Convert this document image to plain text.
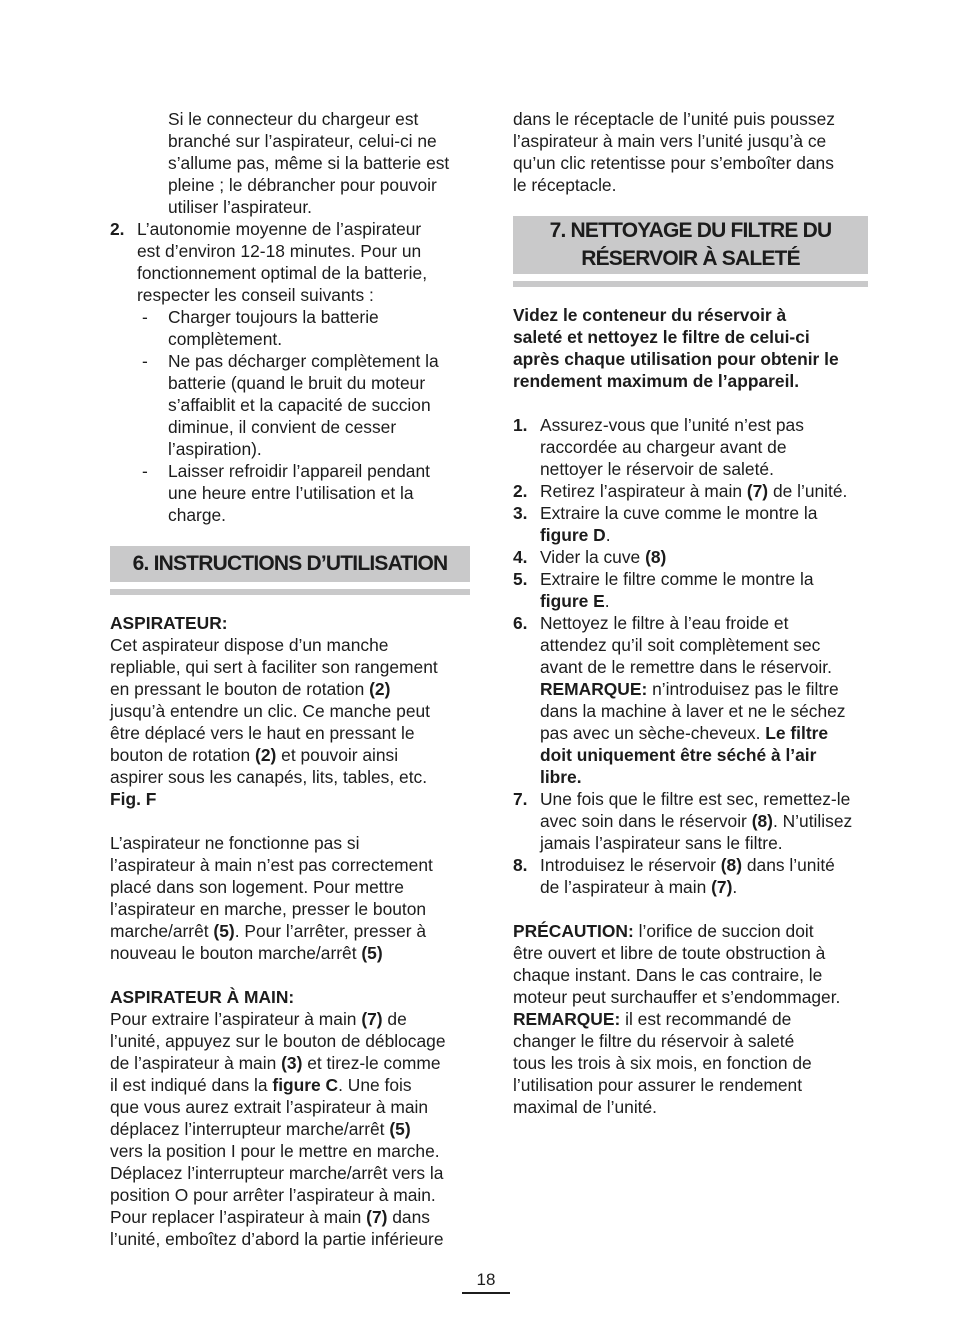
Si le connecteur du chargeur est
branché sur l’aspirateur, celui-ci ne
s’allume pas, même si la batterie est
pleine ; le débrancher pour pouvoir
utiliser l’aspirateur.
2. L’autonomie moyenne de l’aspirateur
est d’environ 12-18 minutes. Pour un
fonctionnement optimal de la batterie,
respecter les conseil suivants :
- Charger toujours la batterie
complètement.
- Ne pas décharger complètement la
batterie (quand le bruit du moteur
s’affaiblit et la capacité de succion
diminue, il convient de cesser
l’aspiration).
- Laisser refroidir l’appareil pendant
une heure entre l’utilisation et la
charge.
6. INSTRUCTIONS D’UTILISATION
ASPIRATEUR:
Cet aspirateur dispose d’un manche
repliable, qui sert à faciliter son rangement
en pressant le bouton de rotation (2)
jusqu’à entendre un clic. Ce manche peut
être déplacé vers le haut en pressant le
bouton de rotation (2) et pouvoir ainsi
aspirer sous les canapés, lits, tables, etc.
Fig. F
L’aspirateur ne fonctionne pas si
l’aspirateur à main n’est pas correctement
placé dans son logement. Pour mettre
l’aspirateur en marche, presser le bouton
marche/arrêt (5). Pour l’arrêter, presser à
nouveau le bouton marche/arrêt (5)
ASPIRATEUR À MAIN:
Pour extraire l’aspirateur à main (7) de
l’unité, appuyez sur le bouton de déblocage
de l’aspirateur à main (3) et tirez-le comme
il est indiqué dans la figure C. Une fois
que vous aurez extrait l’aspirateur à main
déplacez l’interrupteur marche/arrêt (5)
vers la position I pour le mettre en marche.
Déplacez l’interrupteur marche/arrêt vers la
position O pour arrêter l’aspirateur à main.
Pour replacer l’aspirateur à main (7) dans
l’unité, emboîtez d’abord la partie inférieure
dans le réceptacle de l’unité puis poussez
l’aspirateur à main vers l’unité jusqu’à ce
qu’un clic retentisse pour s’emboîter dans
le réceptacle.
7. NETTOYAGE DU FILTRE DU
RÉSERVOIR À SALETÉ
Videz le conteneur du réservoir à
saleté et nettoyez le filtre de celui-ci
après chaque utilisation pour obtenir le
rendement maximum de l’appareil.
1. Assurez-vous que l’unité n’est pas
raccordée au chargeur avant de
nettoyer le réservoir de saleté.
2. Retirez l’aspirateur à main (7) de l’unité.
3. Extraire la cuve comme le montre la
figure D.
4. Vider la cuve (8)
5. Extraire le filtre comme le montre la
figure E.
6. Nettoyez le filtre à l’eau froide et
attendez qu’il soit complètement sec
avant de le remettre dans le réservoir.
REMARQUE: n’introduisez pas le filtre
dans la machine à laver et ne le séchez
pas avec un sèche-cheveux. Le filtre
doit uniquement être séché à l’air
libre.
7. Une fois que le filtre est sec, remettez-le
avec soin dans le réservoir (8). N’utilisez
jamais l’aspirateur sans le filtre.
8. Introduisez le réservoir (8) dans l’unité
de l’aspirateur à main (7).
PRÉCAUTION: l’orifice de succion doit
être ouvert et libre de toute obstruction à
chaque instant. Dans le cas contraire, le
moteur peut surchauffer et s’endommager.
REMARQUE: il est recommandé de
changer le filtre du réservoir à saleté
tous les trois à six mois, en fonction de
l’utilisation pour assurer le rendement
maximal de l’unité.
18
